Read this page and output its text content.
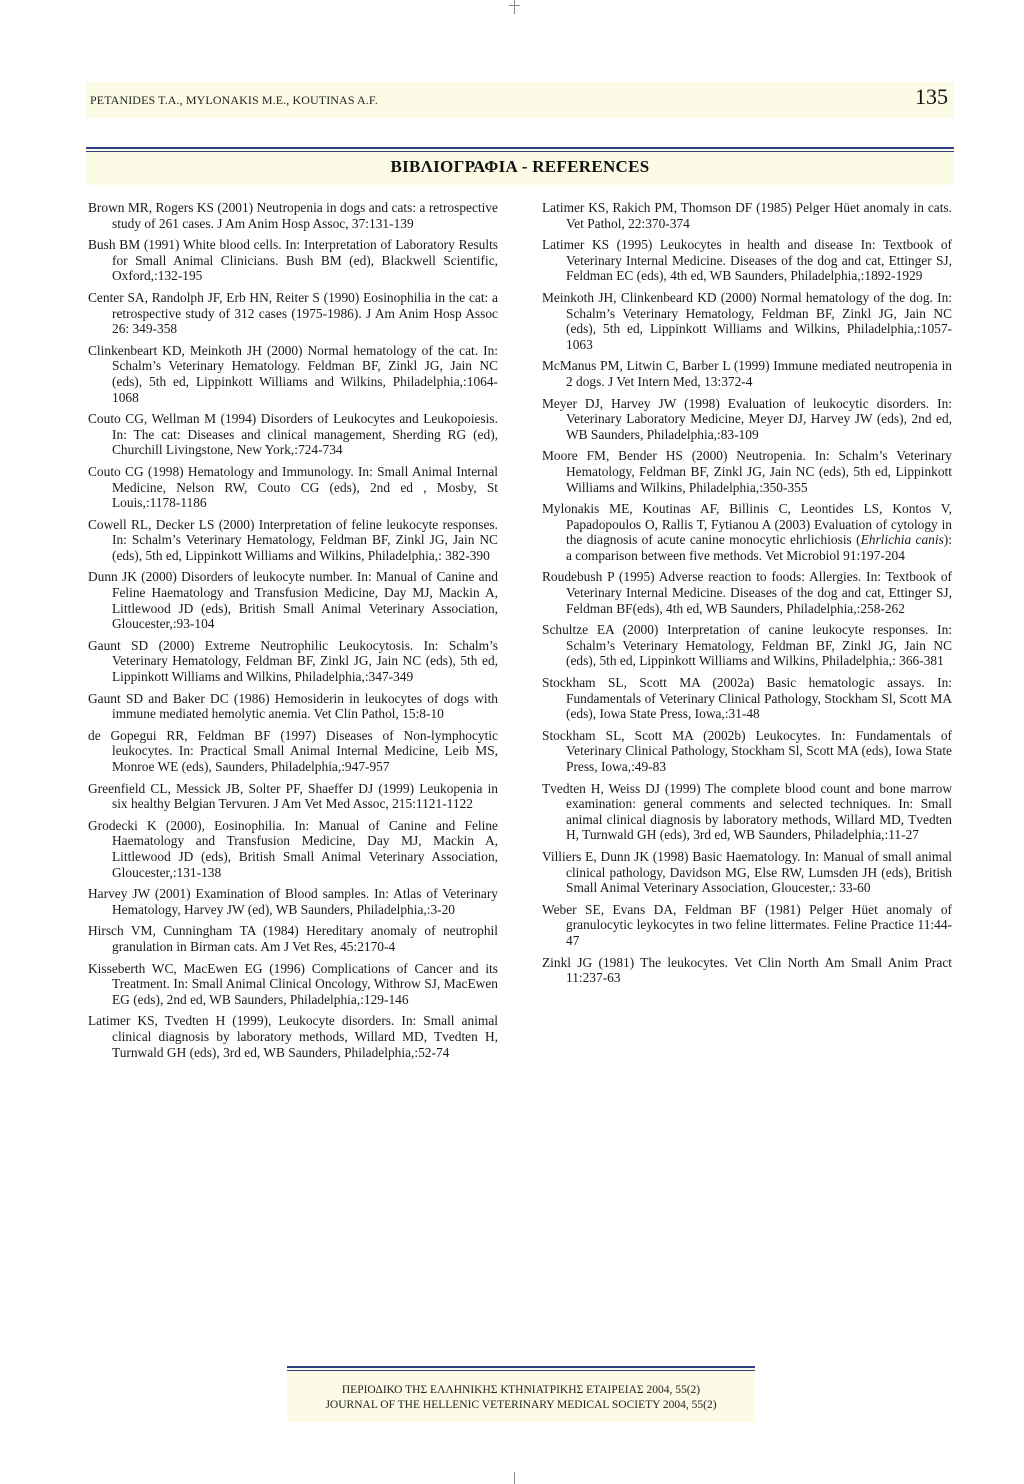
PETANIDES T.A., MYLONAKIS M.E., KOUTINAS A.F.	135
ΒΙΒΛΙΟΓΡΑΦΙΑ - REFERENCES

Brown MR, Rogers KS (2001) Neutropenia in dogs and cats: a retrospective study of 261 cases. J Am Anim Hosp Assoc, 37:131-139

Bush BM (1991) White blood cells. In: Interpretation of Laboratory Results for Small Animal Clinicians. Bush BM (ed), Blackwell Scientific, Oxford,:132-195

Center SA, Randolph JF, Erb HN, Reiter S (1990) Eosinophilia in the cat: a retrospective study of 312 cases (1975-1986). J Am Anim Hosp Assoc 26: 349-358

Clinkenbeart KD, Meinkoth JH (2000) Normal hematology of the cat. In: Schalm’s Veterinary Hematology. Feldman BF, Zinkl JG, Jain NC (eds), 5th ed, Lippinkott Williams and Wilkins, Philadelphia,:1064-1068

Couto CG, Wellman M (1994) Disorders of Leukocytes and Leukopoiesis. In: The cat: Diseases and clinical management, Sherding RG (ed), Churchill Livingstone, New York,:724-734

Couto CG (1998) Hematology and Immunology. In: Small Animal Internal Medicine, Nelson RW, Couto CG (eds), 2nd ed , Mosby, St Louis,:1178-1186

Cowell RL, Decker LS (2000) Interpretation of feline leukocyte responses. In: Schalm’s Veterinary Hematology, Feldman BF, Zinkl JG, Jain NC (eds), 5th ed, Lippinkott Williams and Wilkins, Philadelphia,: 382-390

Dunn JK (2000) Disorders of leukocyte number. In: Manual of Canine and Feline Haematology and Transfusion Medicine, Day MJ, Mackin A, Littlewood JD (eds), British Small Animal Veterinary Association, Gloucester,:93-104

Gaunt SD (2000) Extreme Neutrophilic Leukocytosis. In: Schalm’s Veterinary Hematology, Feldman BF, Zinkl JG, Jain NC (eds), 5th ed, Lippinkott Williams and Wilkins, Philadelphia,:347-349

Gaunt SD and Baker DC (1986) Hemosiderin in leukocytes of dogs with immune mediated hemolytic anemia. Vet Clin Pathol, 15:8-10

de Gopegui RR, Feldman BF (1997) Diseases of Non-lymphocytic leukocytes. In: Practical Small Animal Internal Medicine, Leib MS, Monroe WE (eds), Saunders, Philadelphia,:947-957

Greenfield CL, Messick JB, Solter PF, Shaeffer DJ (1999) Leukopenia in six healthy Belgian Tervuren. J Am Vet Med Assoc, 215:1121-1122

Grodecki K (2000), Eosinophilia. In: Manual of Canine and Feline Haematology and Transfusion Medicine, Day MJ, Mackin A, Littlewood JD (eds), British Small Animal Veterinary Association, Gloucester,:131-138

Harvey JW (2001) Examination of Blood samples. In: Atlas of Veterinary Hematology, Harvey JW (ed), WB Saunders, Philadelphia,:3-20

Hirsch VM, Cunningham TA (1984) Hereditary anomaly of neutrophil granulation in Birman cats. Am J Vet Res, 45:2170-4

Kisseberth WC, MacEwen EG (1996) Complications of Cancer and its Treatment. In: Small Animal Clinical Oncology, Withrow SJ, MacEwen EG (eds), 2nd ed, WB Saunders, Philadelphia,:129-146

Latimer KS, Tvedten H (1999), Leukocyte disorders. In: Small animal clinical diagnosis by laboratory methods, Willard MD, Tvedten H, Turnwald GH (eds), 3rd ed, WB Saunders, Philadelphia,:52-74

Latimer KS, Rakich PM, Thomson DF (1985) Pelger Hüet anomaly in cats. Vet Pathol, 22:370-374

Latimer KS (1995) Leukocytes in health and disease In: Textbook of Veterinary Internal Medicine. Diseases of the dog and cat, Ettinger SJ, Feldman EC (eds), 4th ed, WB Saunders, Philadelphia,:1892-1929

Meinkoth JH, Clinkenbeard KD (2000) Normal hematology of the dog. In: Schalm’s Veterinary Hematology, Feldman BF, Zinkl JG, Jain NC (eds), 5th ed, Lippinkott Williams and Wilkins, Philadelphia,:1057-1063

McManus PM, Litwin C, Barber L (1999) Immune mediated neutropenia in 2 dogs. J Vet Intern Med, 13:372-4

Meyer DJ, Harvey JW (1998) Evaluation of leukocytic disorders. In: Veterinary Laboratory Medicine, Meyer DJ, Harvey JW (eds), 2nd ed, WB Saunders, Philadelphia,:83-109

Moore FM, Bender HS (2000) Neutropenia. In: Schalm’s Veterinary Hematology, Feldman BF, Zinkl JG, Jain NC (eds), 5th ed, Lippinkott Williams and Wilkins, Philadelphia,:350-355

Mylonakis ME, Koutinas AF, Billinis C, Leontides LS, Kontos V, Papadopoulos O, Rallis T, Fytianou A (2003) Evaluation of cytology in the diagnosis of acute canine monocytic ehrlichiosis (Ehrlichia canis): a comparison between five methods. Vet Microbiol 91:197-204

Roudebush P (1995) Adverse reaction to foods: Allergies. In: Textbook of Veterinary Internal Medicine. Diseases of the dog and cat, Ettinger SJ, Feldman BF(eds), 4th ed, WB Saunders, Philadelphia,:258-262

Schultze EA (2000) Interpretation of canine leukocyte responses. In: Schalm’s Veterinary Hematology, Feldman BF, Zinkl JG, Jain NC (eds), 5th ed, Lippinkott Williams and Wilkins, Philadelphia,: 366-381

Stockham SL, Scott MA (2002a) Basic hematologic assays. In: Fundamentals of Veterinary Clinical Pathology, Stockham Sl, Scott MA (eds), Iowa State Press, Iowa,:31-48

Stockham SL, Scott MA (2002b) Leukocytes. In: Fundamentals of Veterinary Clinical Pathology, Stockham Sl, Scott MA (eds), Iowa State Press, Iowa,:49-83

Tvedten H, Weiss DJ (1999) The complete blood count and bone marrow examination: general comments and selected techniques. In: Small animal clinical diagnosis by laboratory methods, Willard MD, Tvedten H, Turnwald GH (eds), 3rd ed, WB Saunders, Philadelphia,:11-27

Villiers E, Dunn JK (1998) Basic Haematology. In: Manual of small animal clinical pathology, Davidson MG, Else RW, Lumsden JH (eds), British Small Animal Veterinary Association, Gloucester,: 33-60

Weber SE, Evans DA, Feldman BF (1981) Pelger Hüet anomaly of granulocytic leykocytes in two feline littermates. Feline Practice 11:44-47

Zinkl JG (1981) The leukocytes. Vet Clin North Am Small Anim Pract 11:237-63

ΠΕΡΙΟΔΙΚΟ ΤΗΣ ΕΛΛΗΝΙΚΗΣ ΚΤΗΝΙΑΤΡΙΚΗΣ ΕΤΑΙΡΕΙΑΣ 2004, 55(2)
JOURNAL OF THE HELLENIC VETERINARY MEDICAL SOCIETY 2004, 55(2)
